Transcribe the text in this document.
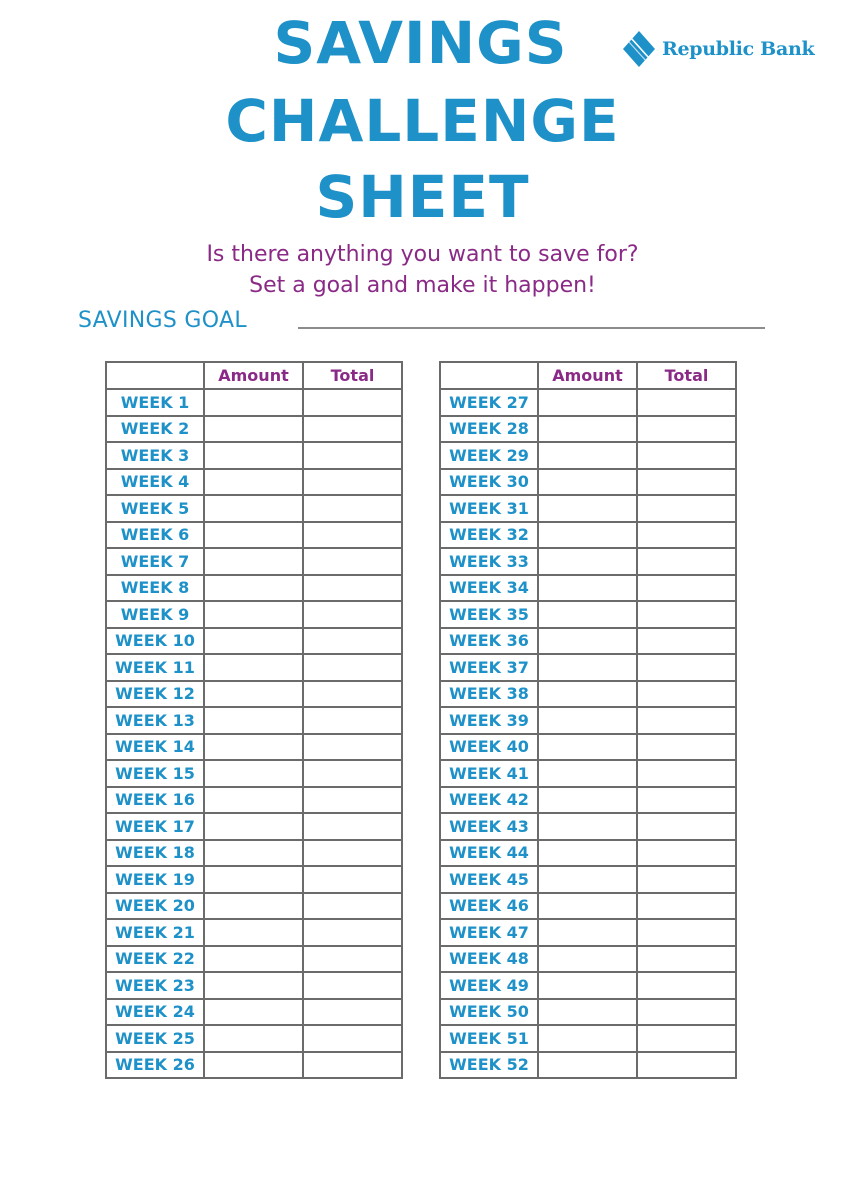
SAVINGS
CHALLENGE
SHEET
Republic Bank
Is there anything you want to save for?
Set a goal and make it happen!
SAVINGS GOAL
	Amount	Total
WEEK 1		
WEEK 2		
WEEK 3		
WEEK 4		
WEEK 5		
WEEK 6		
WEEK 7		
WEEK 8		
WEEK 9		
WEEK 10		
WEEK 11		
WEEK 12		
WEEK 13		
WEEK 14		
WEEK 15		
WEEK 16		
WEEK 17		
WEEK 18		
WEEK 19		
WEEK 20		
WEEK 21		
WEEK 22		
WEEK 23		
WEEK 24		
WEEK 25		
WEEK 26		
	Amount	Total
WEEK 27		
WEEK 28		
WEEK 29		
WEEK 30		
WEEK 31		
WEEK 32		
WEEK 33		
WEEK 34		
WEEK 35		
WEEK 36		
WEEK 37		
WEEK 38		
WEEK 39		
WEEK 40		
WEEK 41		
WEEK 42		
WEEK 43		
WEEK 44		
WEEK 45		
WEEK 46		
WEEK 47		
WEEK 48		
WEEK 49		
WEEK 50		
WEEK 51		
WEEK 52		
